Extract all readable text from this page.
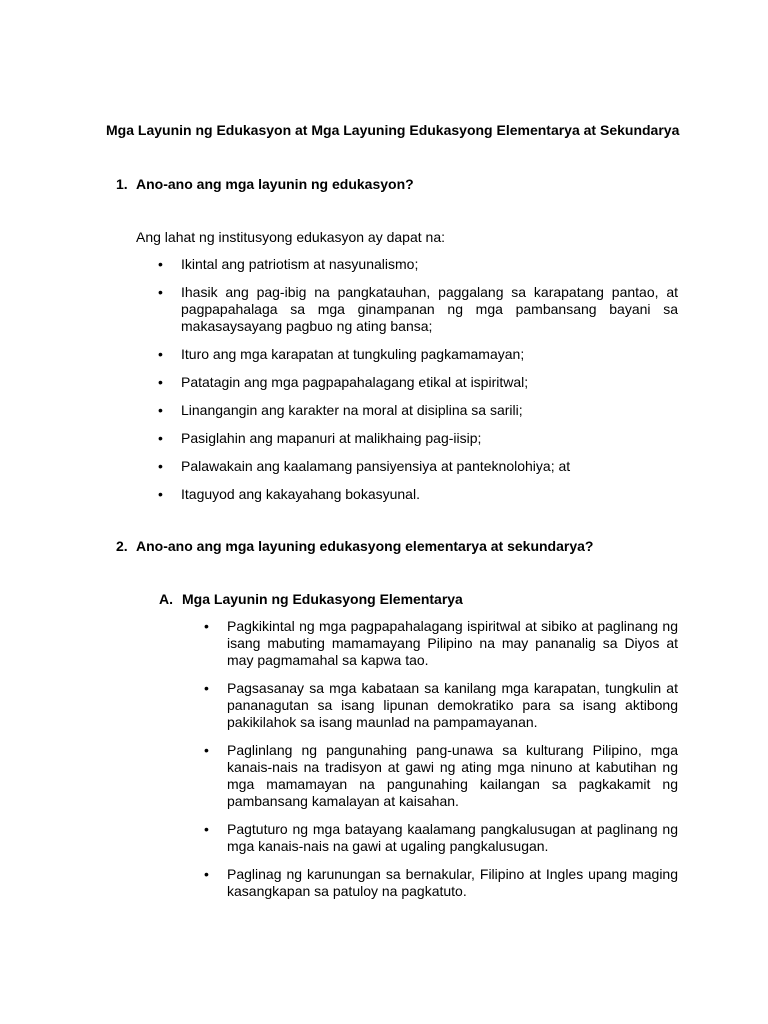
Mga Layunin ng Edukasyon at Mga Layuning Edukasyong Elementarya at Sekundarya
1. Ano-ano ang mga layunin ng edukasyon?
Ang lahat ng institusyong edukasyon ay dapat na:
• Ikintal ang patriotism at nasyunalismo;
• Ihasik ang pag-ibig na pangkatauhan, paggalang sa karapatang pantao, at pagpapahalaga sa mga ginampanan ng mga pambansang bayani sa makasaysayang pagbuo ng ating bansa;
• Ituro ang mga karapatan at tungkuling pagkamamayan;
• Patatagin ang mga pagpapahalagang etikal at ispiritwal;
• Linangangin ang karakter na moral at disiplina sa sarili;
• Pasiglahin ang mapanuri at malikhaing pag-iisip;
• Palawakain ang kaalamang pansiyensiya at panteknolohiya; at
• Itaguyod ang kakayahang bokasyunal.
2. Ano-ano ang mga layuning edukasyong elementarya at sekundarya?
A. Mga Layunin ng Edukasyong Elementarya
• Pagkikintal ng mga pagpapahalagang ispiritwal at sibiko at paglinang ng isang mabuting mamamayang Pilipino na may pananalig sa Diyos at may pagmamahal sa kapwa tao.
• Pagsasanay sa mga kabataan sa kanilang mga karapatan, tungkulin at pananagutan sa isang lipunan demokratiko para sa isang aktibong pakikilahok sa isang maunlad na pampamayanan.
• Paglinlang ng pangunahing pang-unawa sa kulturang Pilipino, mga kanais-nais na tradisyon at gawi ng ating mga ninuno at kabutihan ng mga mamamayan na pangunahing kailangan sa pagkakamit ng pambansang kamalayan at kaisahan.
• Pagtuturo ng mga batayang kaalamang pangkalusugan at paglinang ng mga kanais-nais na gawi at ugaling pangkalusugan.
• Paglinag ng karunungan sa bernakular, Filipino at Ingles upang maging kasangkapan sa patuloy na pagkatuto.
